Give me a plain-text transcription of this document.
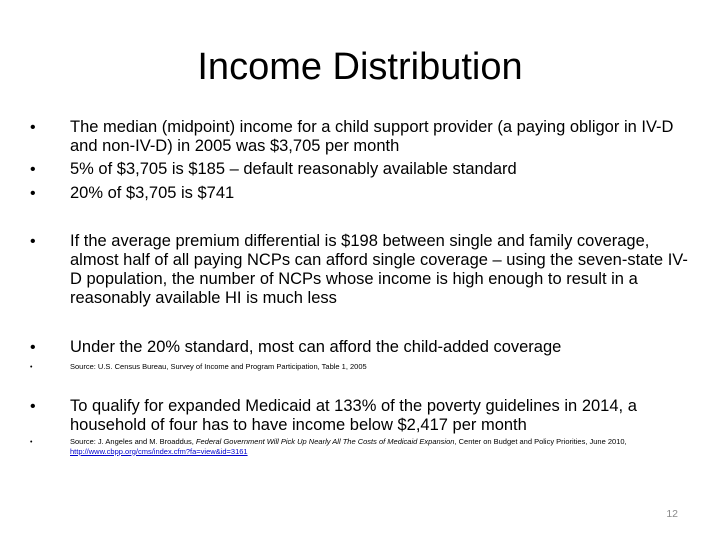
Income Distribution
•	The median (midpoint) income for a child support provider (a paying obligor in IV-D and non-IV-D) in 2005 was $3,705 per month
•	5% of $3,705 is $185 – default reasonably available standard
•	20% of $3,705 is $741
•	If the average premium differential is $198 between single and family coverage, almost half of all paying NCPs can afford single coverage – using the seven-state IV-D population, the number of NCPs whose income is high enough to result in a reasonably available HI is much less
•	Under the 20% standard, most can afford the child-added coverage
•	Source: U.S. Census Bureau, Survey of Income and Program Participation, Table 1, 2005
•	To qualify for expanded Medicaid at 133% of the poverty guidelines in 2014, a household of four has to have income below $2,417 per month
•	Source: J. Angeles and M. Broaddus, Federal Government Will Pick Up Nearly All The Costs of Medicaid Expansion, Center on Budget and Policy Priorities, June 2010,
http://www.cbpp.org/cms/index.cfm?fa=view&id=3161
12
